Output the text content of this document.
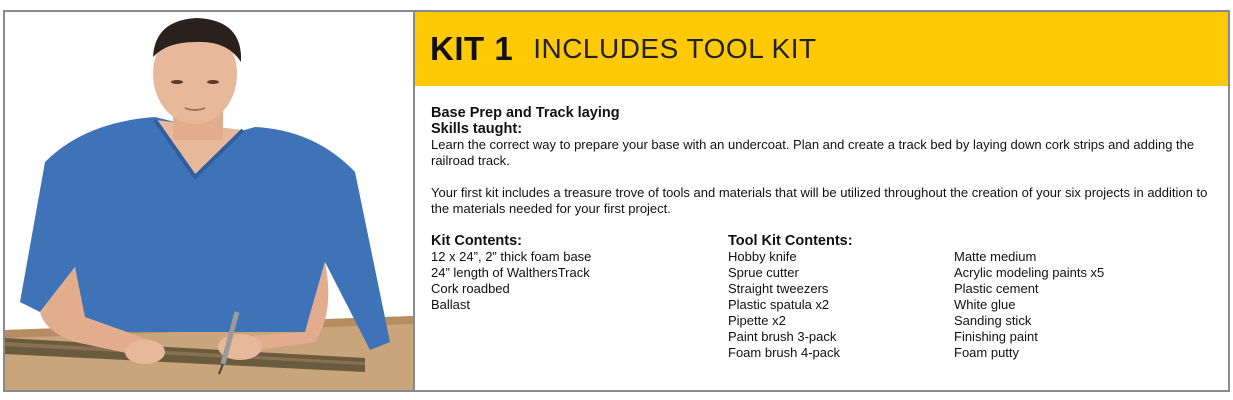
KIT 1 INCLUDES TOOL KIT
Base Prep and Track laying
Skills taught:

Learn the correct way to prepare your base with an undercoat. Plan and create a track bed by laying down cork strips and adding the railroad track.

Your first kit includes a treasure trove of tools and materials that will be utilized throughout the creation of your six projects in addition to the materials needed for your first project.

Kit Contents:
12 x 24”, 2” thick foam base
24” length of WalthersTrack
Cork roadbed
Ballast
Tool Kit Contents:
Hobby knife
Sprue cutter
Straight tweezers
Plastic spatula x2
Pipette x2
Paint brush 3-pack
Foam brush 4-pack
Matte medium
Acrylic modeling paints x5
Plastic cement
White glue
Sanding stick
Finishing paint
Foam putty
